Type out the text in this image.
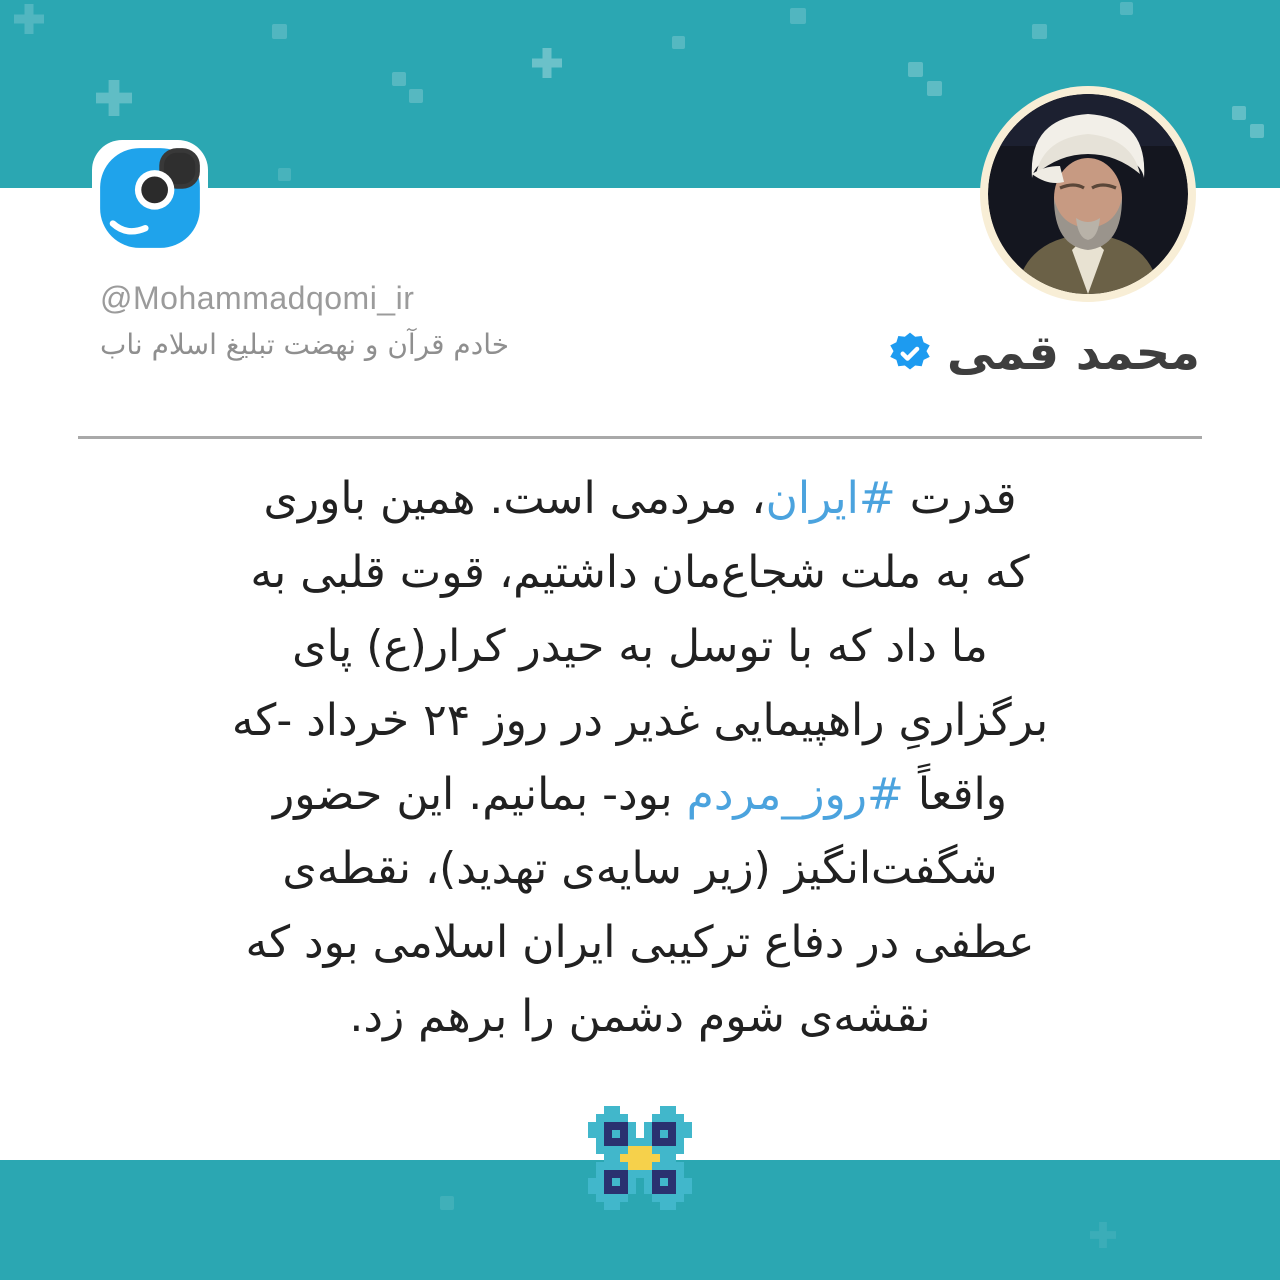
@Mohammadqomi_ir
خادم قرآن و نهضت تبلیغ اسلام ناب	محمد قمی
قدرت #ایران، مردمی است. همین باوری
که به ملت شجاع‌مان داشتیم، قوت قلبی به
ما داد که با توسل به حیدر کرار(ع) پای
برگزاریِ راهپیمایی غدیر در روز ۲۴ خرداد -که
واقعاً #روز_مردم بود- بمانیم. این حضور
شگفت‌انگیز (زیر سایه‌ی تهدید)، نقطه‌ی
عطفی در دفاع ترکیبی ایران اسلامی بود که
نقشه‌ی شوم دشمن را برهم زد.
